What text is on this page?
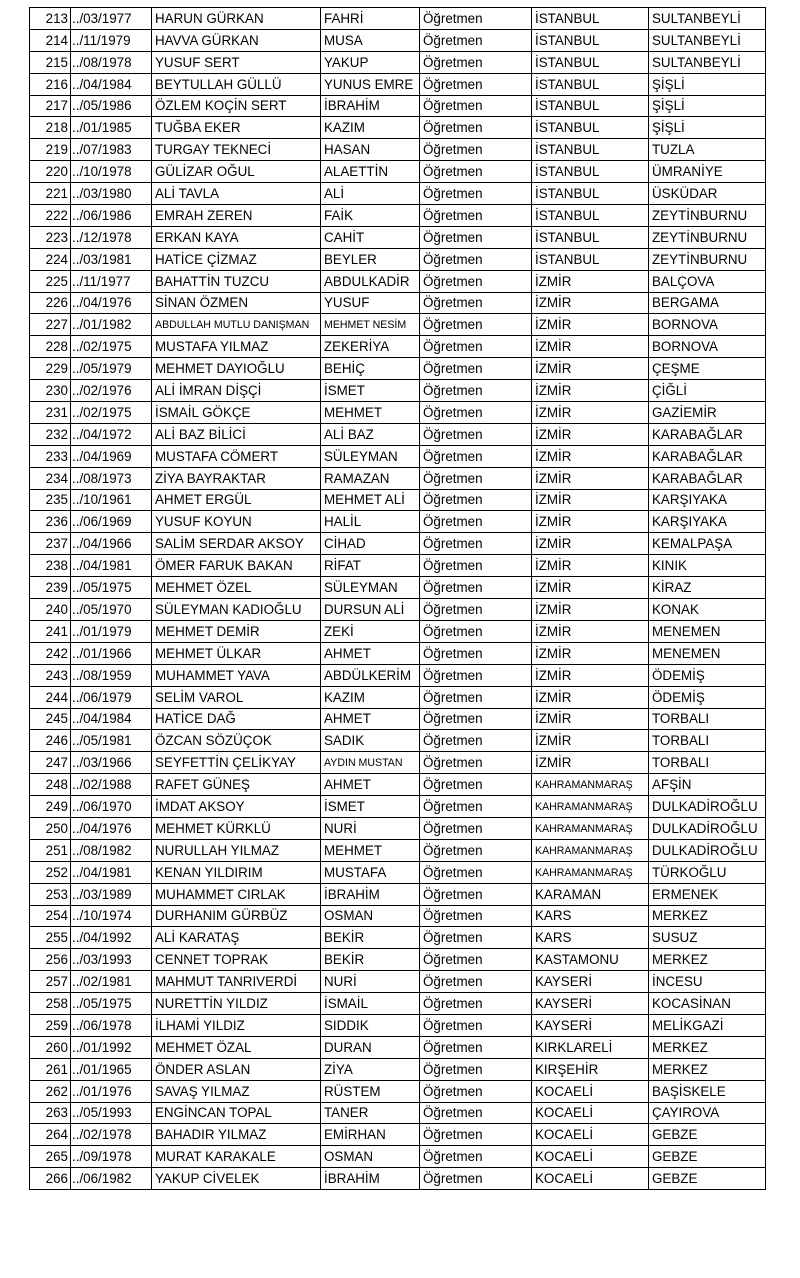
213	../03/1977	HARUN GÜRKAN	FAHRİ	Öğretmen	İSTANBUL	SULTANBEYLİ
214	../11/1979	HAVVA GÜRKAN	MUSA	Öğretmen	İSTANBUL	SULTANBEYLİ
215	../08/1978	YUSUF SERT	YAKUP	Öğretmen	İSTANBUL	SULTANBEYLİ
216	../04/1984	BEYTULLAH GÜLLÜ	YUNUS EMRE	Öğretmen	İSTANBUL	ŞİŞLİ
217	../05/1986	ÖZLEM KOÇİN SERT	İBRAHİM	Öğretmen	İSTANBUL	ŞİŞLİ
218	../01/1985	TUĞBA EKER	KAZIM	Öğretmen	İSTANBUL	ŞİŞLİ
219	../07/1983	TURGAY TEKNECİ	HASAN	Öğretmen	İSTANBUL	TUZLA
220	../10/1978	GÜLİZAR OĞUL	ALAETTİN	Öğretmen	İSTANBUL	ÜMRANİYE
221	../03/1980	ALİ TAVLA	ALİ	Öğretmen	İSTANBUL	ÜSKÜDAR
222	../06/1986	EMRAH ZEREN	FAİK	Öğretmen	İSTANBUL	ZEYTİNBURNU
223	../12/1978	ERKAN KAYA	CAHİT	Öğretmen	İSTANBUL	ZEYTİNBURNU
224	../03/1981	HATİCE ÇİZMAZ	BEYLER	Öğretmen	İSTANBUL	ZEYTİNBURNU
225	../11/1977	BAHATTİN TUZCU	ABDULKADİR	Öğretmen	İZMİR	BALÇOVA
226	../04/1976	SİNAN ÖZMEN	YUSUF	Öğretmen	İZMİR	BERGAMA
227	../01/1982	ABDULLAH MUTLU DANIŞMAN	MEHMET NESİM	Öğretmen	İZMİR	BORNOVA
228	../02/1975	MUSTAFA YILMAZ	ZEKERİYA	Öğretmen	İZMİR	BORNOVA
229	../05/1979	MEHMET DAYIOĞLU	BEHİÇ	Öğretmen	İZMİR	ÇEŞME
230	../02/1976	ALİ İMRAN DİŞÇİ	İSMET	Öğretmen	İZMİR	ÇİĞLİ
231	../02/1975	İSMAİL GÖKÇE	MEHMET	Öğretmen	İZMİR	GAZİEMİR
232	../04/1972	ALİ BAZ BİLİCİ	ALİ BAZ	Öğretmen	İZMİR	KARABAĞLAR
233	../04/1969	MUSTAFA CÖMERT	SÜLEYMAN	Öğretmen	İZMİR	KARABAĞLAR
234	../08/1973	ZİYA BAYRAKTAR	RAMAZAN	Öğretmen	İZMİR	KARABAĞLAR
235	../10/1961	AHMET ERGÜL	MEHMET ALİ	Öğretmen	İZMİR	KARŞIYAKA
236	../06/1969	YUSUF KOYUN	HALİL	Öğretmen	İZMİR	KARŞIYAKA
237	../04/1966	SALİM SERDAR AKSOY	CİHAD	Öğretmen	İZMİR	KEMALPAŞA
238	../04/1981	ÖMER FARUK BAKAN	RİFAT	Öğretmen	İZMİR	KINIK
239	../05/1975	MEHMET ÖZEL	SÜLEYMAN	Öğretmen	İZMİR	KİRAZ
240	../05/1970	SÜLEYMAN KADIOĞLU	DURSUN ALİ	Öğretmen	İZMİR	KONAK
241	../01/1979	MEHMET DEMİR	ZEKİ	Öğretmen	İZMİR	MENEMEN
242	../01/1966	MEHMET ÜLKAR	AHMET	Öğretmen	İZMİR	MENEMEN
243	../08/1959	MUHAMMET YAVA	ABDÜLKERİM	Öğretmen	İZMİR	ÖDEMİŞ
244	../06/1979	SELİM VAROL	KAZIM	Öğretmen	İZMİR	ÖDEMİŞ
245	../04/1984	HATİCE DAĞ	AHMET	Öğretmen	İZMİR	TORBALI
246	../05/1981	ÖZCAN SÖZÜÇOK	SADIK	Öğretmen	İZMİR	TORBALI
247	../03/1966	SEYFETTİN ÇELİKYAY	AYDIN MUSTAN	Öğretmen	İZMİR	TORBALI
248	../02/1988	RAFET GÜNEŞ	AHMET	Öğretmen	KAHRAMANMARAŞ	AFŞİN
249	../06/1970	İMDAT AKSOY	İSMET	Öğretmen	KAHRAMANMARAŞ	DULKADİROĞLU
250	../04/1976	MEHMET KÜRKLÜ	NURİ	Öğretmen	KAHRAMANMARAŞ	DULKADİROĞLU
251	../08/1982	NURULLAH YILMAZ	MEHMET	Öğretmen	KAHRAMANMARAŞ	DULKADİROĞLU
252	../04/1981	KENAN YILDIRIM	MUSTAFA	Öğretmen	KAHRAMANMARAŞ	TÜRKOĞLU
253	../03/1989	MUHAMMET CIRLAK	İBRAHİM	Öğretmen	KARAMAN	ERMENEK
254	../10/1974	DURHANIM GÜRBÜZ	OSMAN	Öğretmen	KARS	MERKEZ
255	../04/1992	ALİ KARATAŞ	BEKİR	Öğretmen	KARS	SUSUZ
256	../03/1993	CENNET TOPRAK	BEKİR	Öğretmen	KASTAMONU	MERKEZ
257	../02/1981	MAHMUT TANRIVERDİ	NURİ	Öğretmen	KAYSERİ	İNCESU
258	../05/1975	NURETTİN YILDIZ	İSMAİL	Öğretmen	KAYSERİ	KOCASİNAN
259	../06/1978	İLHAMİ YILDIZ	SIDDIK	Öğretmen	KAYSERİ	MELİKGAZİ
260	../01/1992	MEHMET ÖZAL	DURAN	Öğretmen	KIRKLARELİ	MERKEZ
261	../01/1965	ÖNDER ASLAN	ZİYA	Öğretmen	KIRŞEHİR	MERKEZ
262	../01/1976	SAVAŞ YILMAZ	RÜSTEM	Öğretmen	KOCAELİ	BAŞİSKELE
263	../05/1993	ENGİNCAN TOPAL	TANER	Öğretmen	KOCAELİ	ÇAYIROVA
264	../02/1978	BAHADIR YILMAZ	EMİRHAN	Öğretmen	KOCAELİ	GEBZE
265	../09/1978	MURAT KARAKALE	OSMAN	Öğretmen	KOCAELİ	GEBZE
266	../06/1982	YAKUP CİVELEK	İBRAHİM	Öğretmen	KOCAELİ	GEBZE
